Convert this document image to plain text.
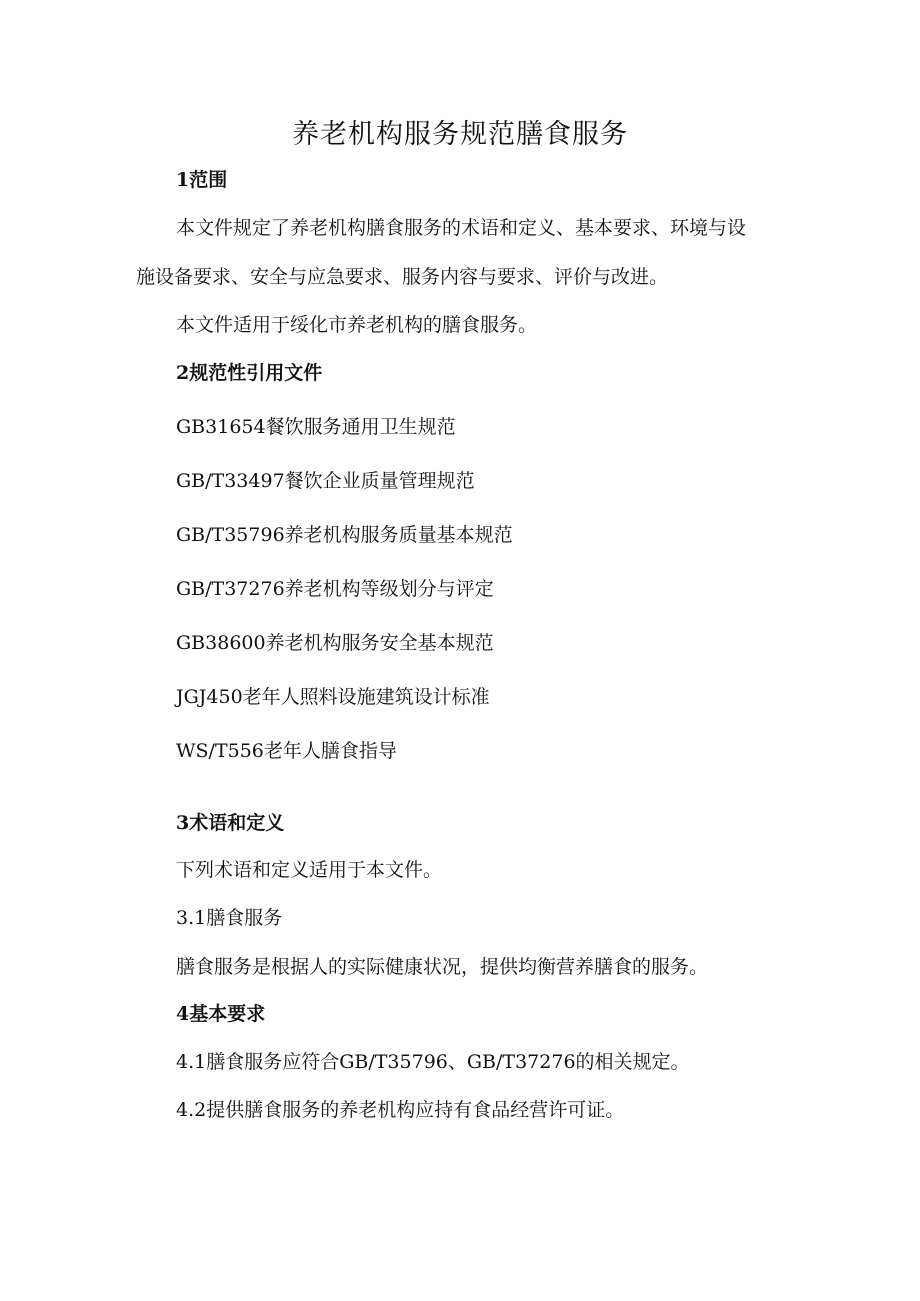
养老机构服务规范膳食服务

1范围

本文件规定了养老机构膳食服务的术语和定义、基本要求、环境与设

施设备要求、安全与应急要求、服务内容与要求、评价与改进。

本文件适用于绥化市养老机构的膳食服务。

2规范性引用文件

GB31654餐饮服务通用卫生规范

GB/T33497餐饮企业质量管理规范

GB/T35796养老机构服务质量基本规范

GB/T37276养老机构等级划分与评定

GB38600养老机构服务安全基本规范

JGJ450老年人照料设施建筑设计标准

WS/T556老年人膳食指导

3术语和定义

下列术语和定义适用于本文件。

3.1膳食服务

膳食服务是根据人的实际健康状况，提供均衡营养膳食的服务。

4基本要求

4.1膳食服务应符合GB/T35796、GB/T37276的相关规定。

4.2提供膳食服务的养老机构应持有食品经营许可证。
